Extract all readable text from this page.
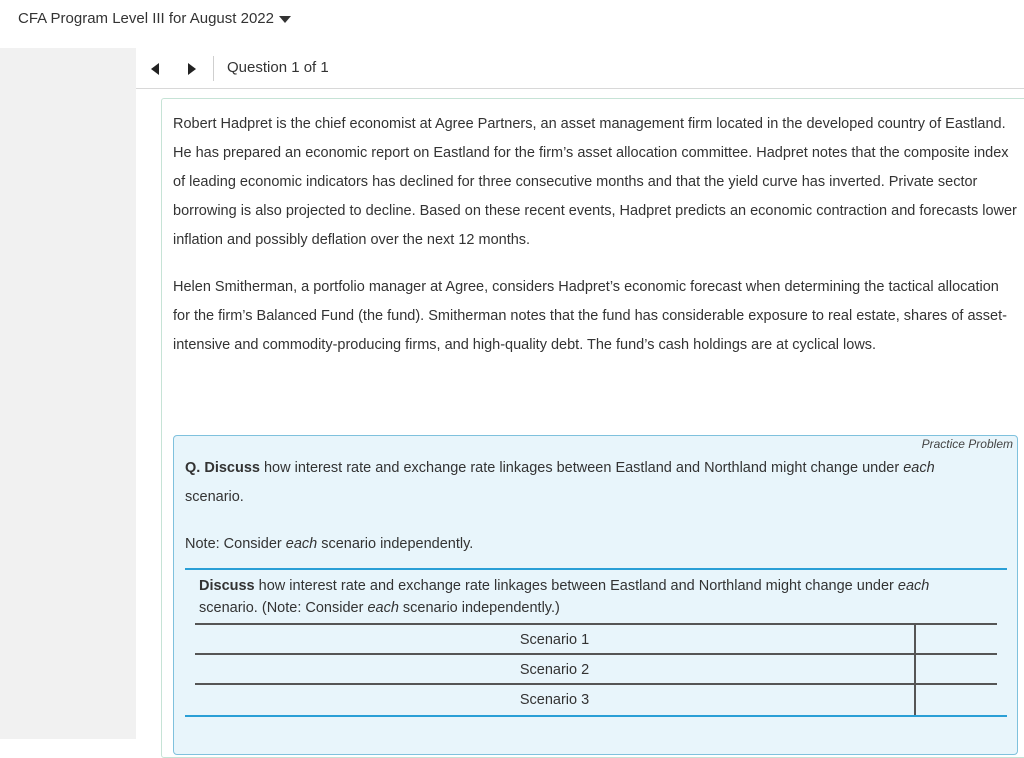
CFA Program Level III for August 2022
Question 1 of 1

Robert Hadpret is the chief economist at Agree Partners, an asset management firm located in the developed country of Eastland. He has prepared an economic report on Eastland for the firm’s asset allocation committee. Hadpret notes that the composite index of leading economic indicators has declined for three consecutive months and that the yield curve has inverted. Private sector borrowing is also projected to decline. Based on these recent events, Hadpret predicts an economic contraction and forecasts lower inflation and possibly deflation over the next 12 months.

Helen Smitherman, a portfolio manager at Agree, considers Hadpret’s economic forecast when determining the tactical allocation for the firm’s Balanced Fund (the fund). Smitherman notes that the fund has considerable exposure to real estate, shares of asset-intensive and commodity-producing firms, and high-quality debt. The fund’s cash holdings are at cyclical lows.

Practice Problem
Q. Discuss how interest rate and exchange rate linkages between Eastland and Northland might change under each scenario.
Note: Consider each scenario independently.
Discuss how interest rate and exchange rate linkages between Eastland and Northland might change under each scenario. (Note: Consider each scenario independently.)
Scenario 1
Scenario 2
Scenario 3
